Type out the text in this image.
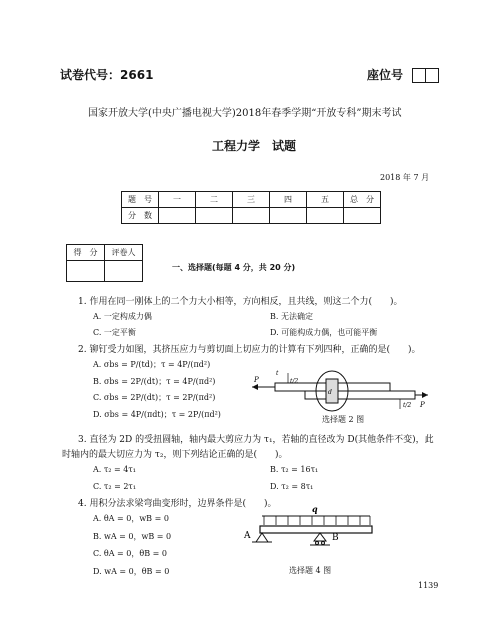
试卷代号：2661	座位号
国家开放大学(中央广播电视大学)2018年春季学期“开放专科”期末考试
工程力学　试题
2018 年 7 月
题　号	一	二	三	四	五	总　分
分　数						
得　分	评卷人

一、选择题(每题 4 分，共 20 分)
1. 作用在同一刚体上的二个力大小相等，方向相反，且共线，则这二个力(　　)。
A. 一定构成力偶	B. 无法确定
C. 一定平衡	D. 可能构成力偶，也可能平衡
2. 铆钉受力如图，其挤压应力与剪切面上切应力的计算有下列四种，正确的是(　　)。
A. σbs = P/(td)；τ = 4P/(πd²)
B. σbs = 2P/(dt)；τ = 4P/(πd²)
C. σbs = 2P/(dt)；τ = 2P/(πd²)
D. σbs = 4P/(πdt)；τ = 2P/(πd²)
P
P
t
t/2
t/2
d
选择题 2 图
3. 直径为 2D 的受扭圆轴，轴内最大剪应力为 τ₁，若轴的直径改为 D(其他条件不变)，此
时轴内的最大切应力为 τ₂，则下列结论正确的是(　　)。
A. τ₂ = 4τ₁	B. τ₂ = 16τ₁
C. τ₂ = 2τ₁	D. τ₂ = 8τ₁
4. 用积分法求梁弯曲变形时，边界条件是(　　)。
A. θA = 0，wB = 0
B. wA = 0，wB = 0
C. θA = 0，θB = 0
D. wA = 0，θB = 0
q
A	B
选择题 4 图
1139
